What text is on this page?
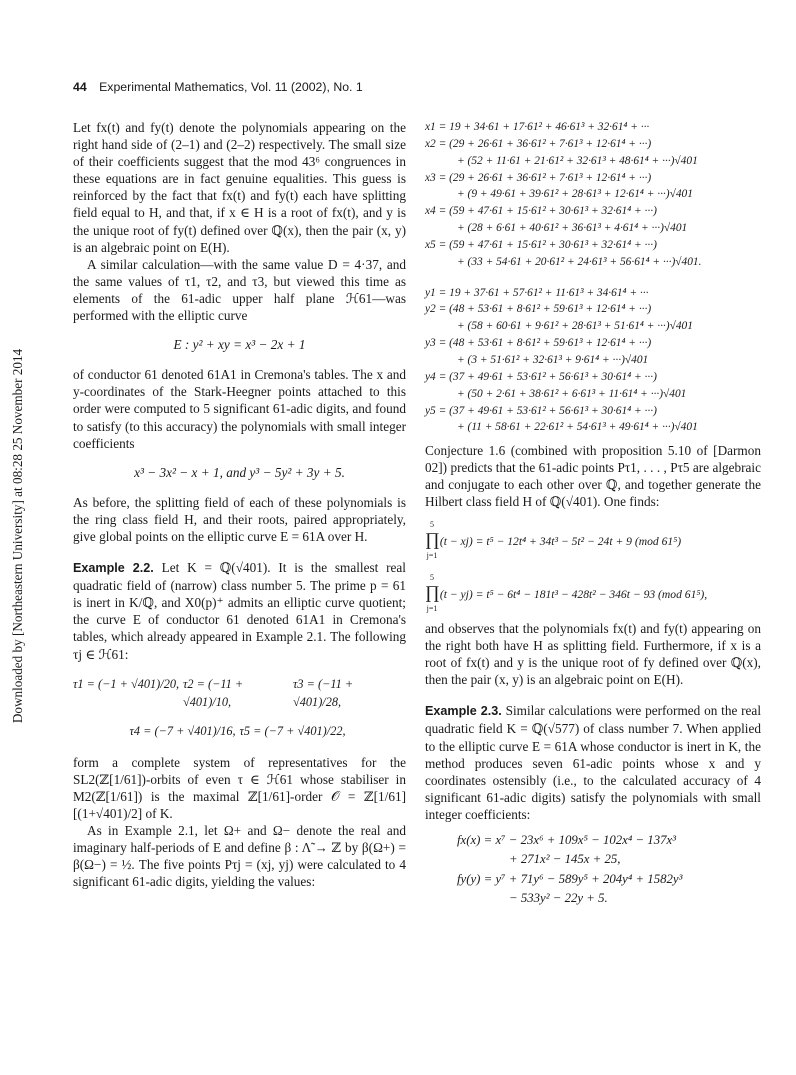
Downloaded by [Northeastern University] at 08:28 25 November 2014
44 Experimental Mathematics, Vol. 11 (2002), No. 1

Let fx(t) and fy(t) denote the polynomials appearing on the right hand side of (2–1) and (2–2) respectively. The small size of their coefficients suggest that the mod 43⁶ congruences in these equations are in fact genuine equalities. This guess is reinforced by the fact that fx(t) and fy(t) each have splitting field equal to H, and that, if x ∈ H is a root of fx(t), and y is the unique root of fy(t) defined over ℚ(x), then the pair (x, y) is an algebraic point on E(H).

A similar calculation—with the same value D = 4·37, and the same values of τ1, τ2, and τ3, but viewed this time as elements of the 61-adic upper half plane ℋ61—was performed with the elliptic curve

E : y² + xy = x³ − 2x + 1

of conductor 61 denoted 61A1 in Cremona's tables. The x and y-coordinates of the Stark-Heegner points attached to this order were computed to 5 significant 61-adic digits, and found to satisfy (to this accuracy) the polynomials with small integer coefficients

x³ − 3x² − x + 1, and y³ − 5y² + 3y + 5.

As before, the splitting field of each of these polynomials is the ring class field H, and their roots, paired appropriately, give global points on the elliptic curve E = 61A over H.

Example 2.2. Let K = ℚ(√401). It is the smallest real quadratic field of (narrow) class number 5. The prime p = 61 is inert in K/ℚ, and X0(p)⁺ admits an elliptic curve quotient; the curve E of conductor 61 denoted 61A1 in Cremona's tables, which already appeared in Example 2.1. The following τj ∈ ℋ61:

τ1 = (−1 + √401)/20, τ2 = (−11 + √401)/10,
τ3 = (−11 + √401)/28,
τ4 = (−7 + √401)/16, τ5 = (−7 + √401)/22,

form a complete system of representatives for the SL2(ℤ[1/61])-orbits of even τ ∈ ℋ61 whose stabiliser in M2(ℤ[1/61]) is the maximal ℤ[1/61]-order 𝒪 = ℤ[1/61][(1+√401)/2] of K.

As in Example 2.1, let Ω+ and Ω− denote the real and imaginary half-periods of E and define β : Λ̃ → ℤ by β(Ω+) = β(Ω−) = ½. The five points Pτj = (xj, yj) were calculated to 4 significant 61-adic digits, yielding the values:

x1 = 19 + 34·61 + 17·61² + 46·61³ + 32·61⁴ + ···
x2 = (29 + 26·61 + 36·61² + 7·61³ + 12·61⁴ + ···)
+ (52 + 11·61 + 21·61² + 32·61³ + 48·61⁴ + ···)√401
x3 = (29 + 26·61 + 36·61² + 7·61³ + 12·61⁴ + ···)
+ (9 + 49·61 + 39·61² + 28·61³ + 12·61⁴ + ···)√401
x4 = (59 + 47·61 + 15·61² + 30·61³ + 32·61⁴ + ···)
+ (28 + 6·61 + 40·61² + 36·61³ + 4·61⁴ + ···)√401
x5 = (59 + 47·61 + 15·61² + 30·61³ + 32·61⁴ + ···)
+ (33 + 54·61 + 20·61² + 24·61³ + 56·61⁴ + ···)√401.
y1 = 19 + 37·61 + 57·61² + 11·61³ + 34·61⁴ + ···
y2 = (48 + 53·61 + 8·61² + 59·61³ + 12·61⁴ + ···)
+ (58 + 60·61 + 9·61² + 28·61³ + 51·61⁴ + ···)√401
y3 = (48 + 53·61 + 8·61² + 59·61³ + 12·61⁴ + ···)
+ (3 + 51·61² + 32·61³ + 9·61⁴ + ···)√401
y4 = (37 + 49·61 + 53·61² + 56·61³ + 30·61⁴ + ···)
+ (50 + 2·61 + 38·61² + 6·61³ + 11·61⁴ + ···)√401
y5 = (37 + 49·61 + 53·61² + 56·61³ + 30·61⁴ + ···)
+ (11 + 58·61 + 22·61² + 54·61³ + 49·61⁴ + ···)√401

Conjecture 1.6 (combined with proposition 5.10 of [Darmon 02]) predicts that the 61-adic points Pτ1, . . . , Pτ5 are algebraic and conjugate to each other over ℚ, and together generate the Hilbert class field H of ℚ(√401). One finds:

5
∏(t − xj) = t⁵ − 12t⁴ + 34t³ − 5t² − 24t + 9 (mod 61⁵)
j=1
5
∏(t − yj) = t⁵ − 6t⁴ − 181t³ − 428t² − 346t − 93 (mod 61⁵),
j=1

and observes that the polynomials fx(t) and fy(t) appearing on the right both have H as splitting field. Furthermore, if x is a root of fx(t) and y is the unique root of fy defined over ℚ(x), then the pair (x, y) is an algebraic point on E(H).

Example 2.3. Similar calculations were performed on the real quadratic field K = ℚ(√577) of class number 7. When applied to the elliptic curve E = 61A whose conductor is inert in K, the method produces seven 61-adic points whose x and y coordinates ostensibly (i.e., to the calculated accuracy of 4 significant 61-adic digits) satisfy the polynomials with small integer coefficients:

fx(x) = x⁷ − 23x⁶ + 109x⁵ − 102x⁴ − 137x³
+ 271x² − 145x + 25,
fy(y) = y⁷ + 71y⁶ − 589y⁵ + 204y⁴ + 1582y³
− 533y² − 22y + 5.
